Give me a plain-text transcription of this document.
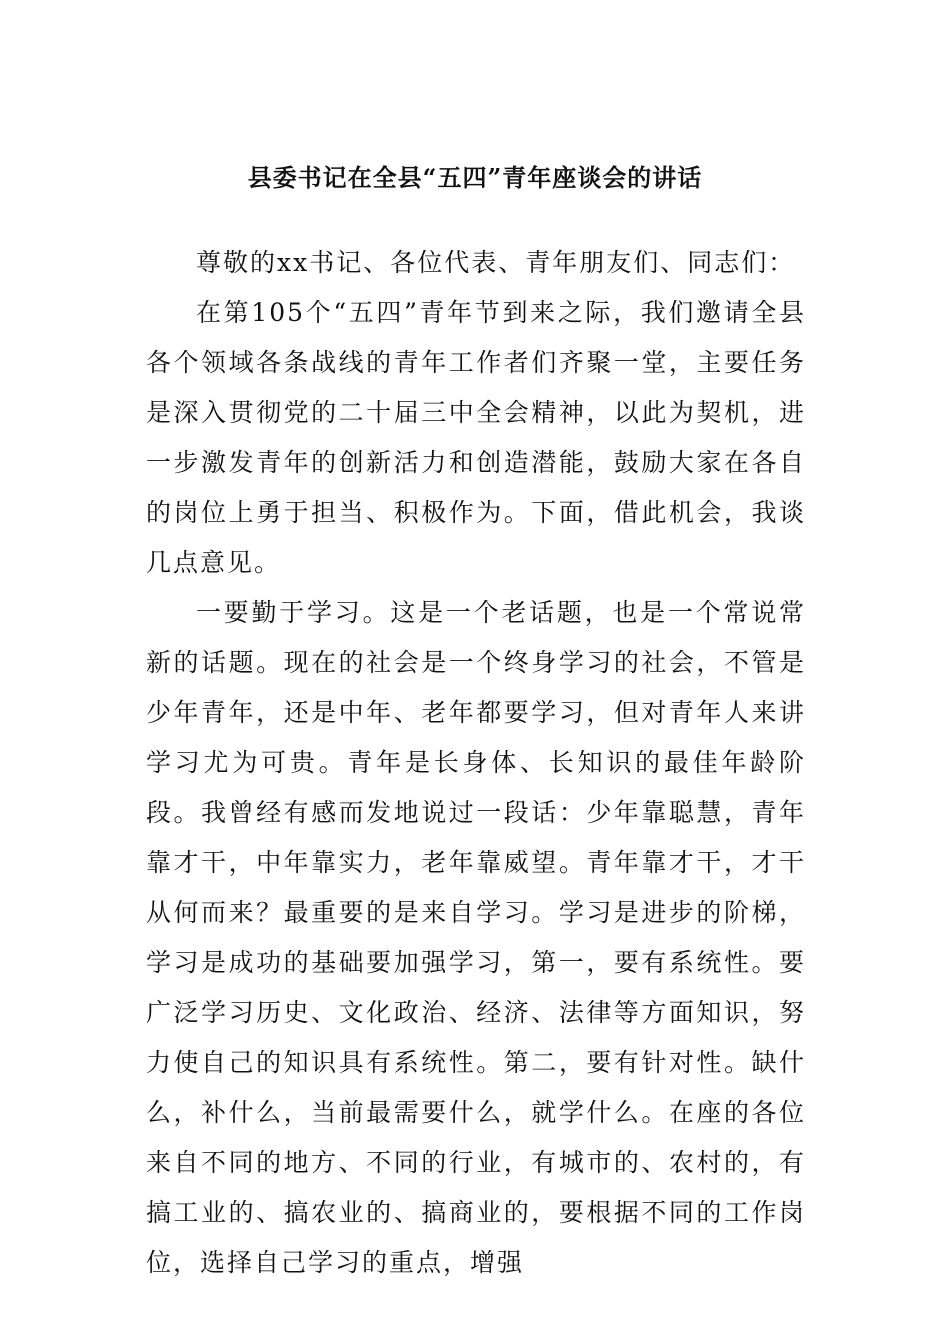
县委书记在全县“五四”青年座谈会的讲话

尊敬的xx书记、各位代表、青年朋友们、同志们：

在第105个“五四”青年节到来之际，我们邀请全县各个领域各条战线的青年工作者们齐聚一堂，主要任务是深入贯彻党的二十届三中全会精神，以此为契机，进一步激发青年的创新活力和创造潜能，鼓励大家在各自的岗位上勇于担当、积极作为。下面，借此机会，我谈几点意见。

一要勤于学习。这是一个老话题，也是一个常说常新的话题。现在的社会是一个终身学习的社会，不管是少年青年，还是中年、老年都要学习，但对青年人来讲学习尤为可贵。青年是长身体、长知识的最佳年龄阶段。我曾经有感而发地说过一段话：少年靠聪慧，青年靠才干，中年靠实力，老年靠威望。青年靠才干，才干从何而来？最重要的是来自学习。学习是进步的阶梯，学习是成功的基础要加强学习，第一，要有系统性。要广泛学习历史、文化政治、经济、法律等方面知识，努力使自己的知识具有系统性。第二，要有针对性。缺什么，补什么，当前最需要什么，就学什么。在座的各位来自不同的地方、不同的行业，有城市的、农村的，有搞工业的、搞农业的、搞商业的，要根据不同的工作岗位，选择自己学习的重点，增强
